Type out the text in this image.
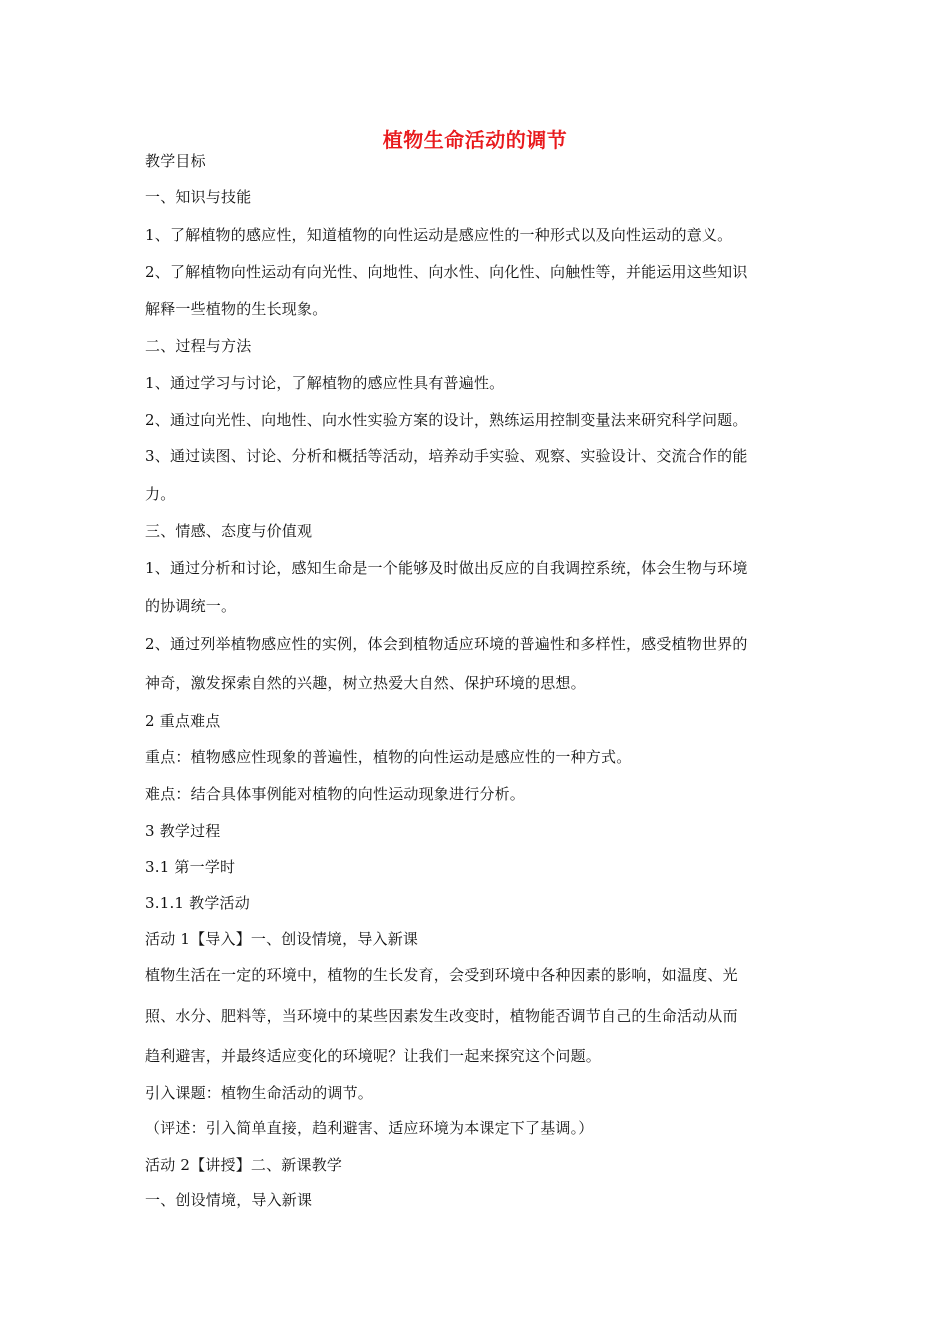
植物生命活动的调节
教学目标
一、知识与技能
1、了解植物的感应性，知道植物的向性运动是感应性的一种形式以及向性运动的意义。
2、了解植物向性运动有向光性、向地性、向水性、向化性、向触性等，并能运用这些知识
解释一些植物的生长现象。
二、过程与方法
1、通过学习与讨论，了解植物的感应性具有普遍性。
2、通过向光性、向地性、向水性实验方案的设计，熟练运用控制变量法来研究科学问题。
3、通过读图、讨论、分析和概括等活动，培养动手实验、观察、实验设计、交流合作的能
力。
三、情感、态度与价值观
1、通过分析和讨论，感知生命是一个能够及时做出反应的自我调控系统，体会生物与环境
的协调统一。
2、通过列举植物感应性的实例，体会到植物适应环境的普遍性和多样性，感受植物世界的
神奇，激发探索自然的兴趣，树立热爱大自然、保护环境的思想。
2 重点难点
重点：植物感应性现象的普遍性，植物的向性运动是感应性的一种方式。
难点：结合具体事例能对植物的向性运动现象进行分析。
3 教学过程
3.1 第一学时
3.1.1 教学活动
活动 1【导入】一、创设情境，导入新课
植物生活在一定的环境中，植物的生长发育，会受到环境中各种因素的影响，如温度、光
照、水分、肥料等，当环境中的某些因素发生改变时，植物能否调节自己的生命活动从而
趋利避害，并最终适应变化的环境呢？让我们一起来探究这个问题。
引入课题：植物生命活动的调节。
（评述：引入简单直接，趋利避害、适应环境为本课定下了基调。）
活动 2【讲授】二、新课教学
一、创设情境，导入新课
